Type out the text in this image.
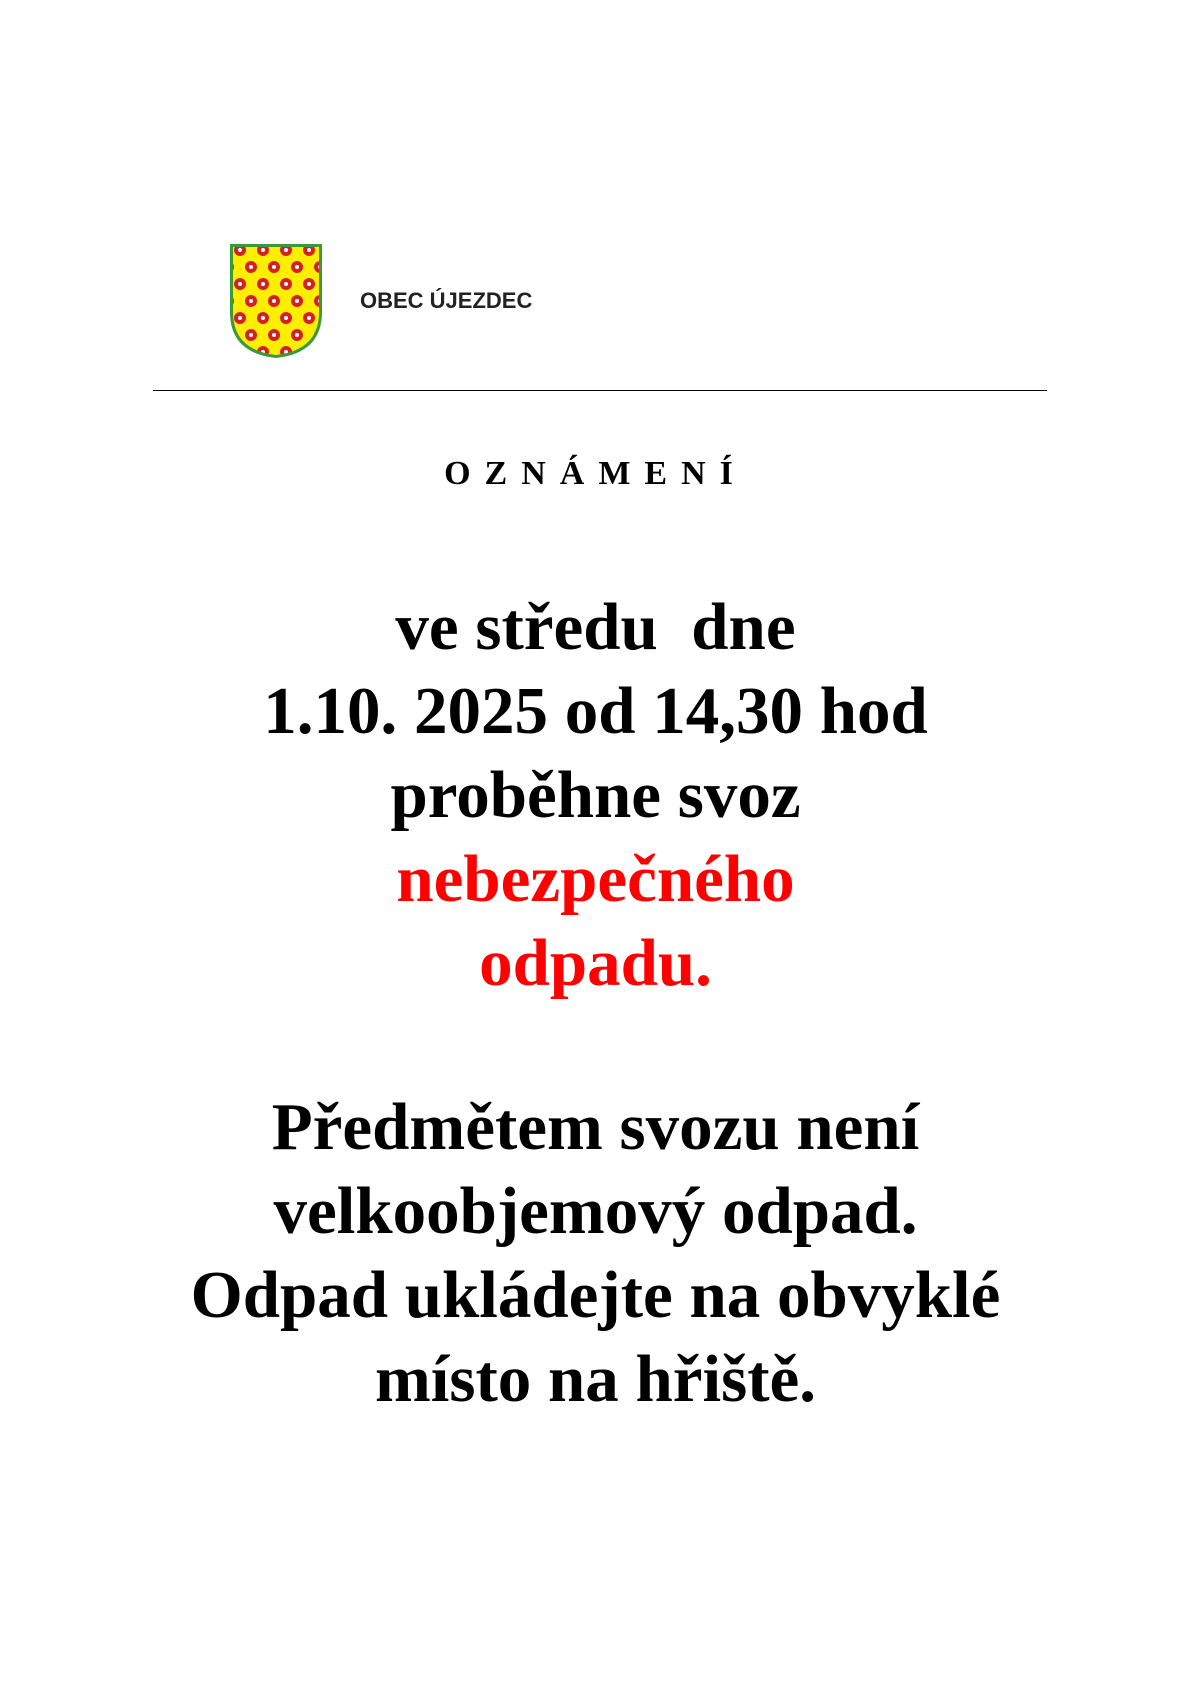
OBEC ÚJEZDEC
OZNÁMENÍ
ve středu  dne
1.10. 2025 od 14,30 hod
proběhne svoz
nebezpečného
odpadu.
Předmětem svozu není
velkoobjemový odpad.
Odpad ukládejte na obvyklé
místo na hřiště.
